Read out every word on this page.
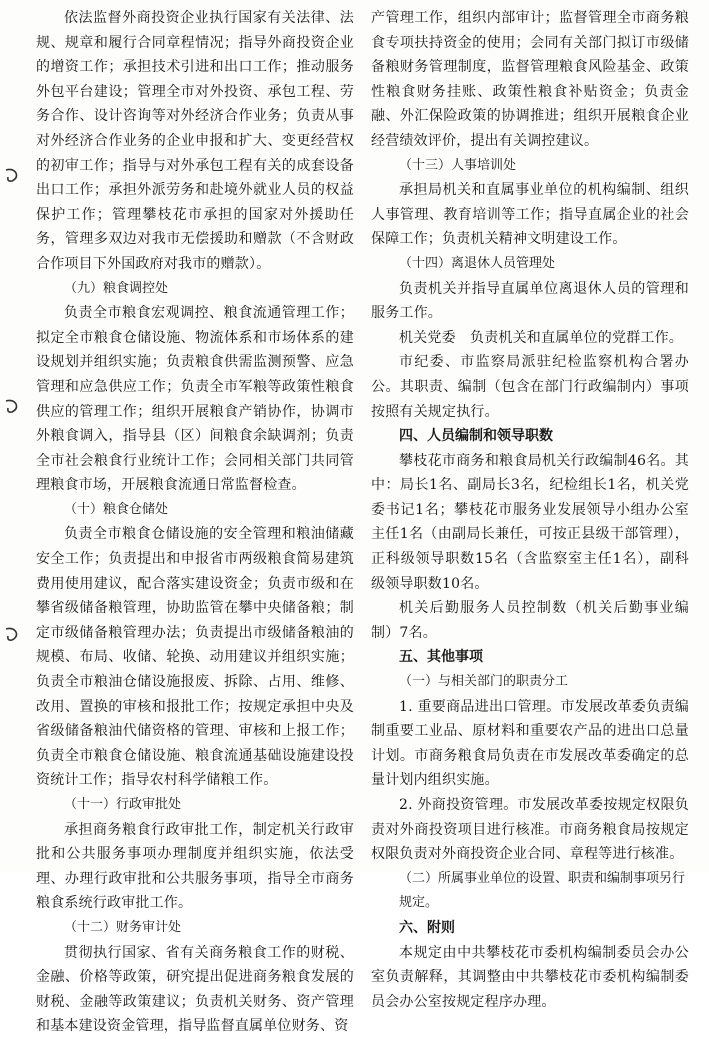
依法监督外商投资企业执行国家有关法律、法规、规章和履行合同章程情况；指导外商投资企业的增资工作；承担技术引进和出口工作；推动服务外包平台建设；管理全市对外投资、承包工程、劳务合作、设计咨询等对外经济合作业务；负责从事对外经济合作业务的企业申报和扩大、变更经营权的初审工作；指导与对外承包工程有关的成套设备出口工作；承担外派劳务和赴境外就业人员的权益保护工作；管理攀枝花市承担的国家对外援助任务，管理多双边对我市无偿援助和赠款（不含财政合作项目下外国政府对我市的赠款）。

（九）粮食调控处

负责全市粮食宏观调控、粮食流通管理工作；拟定全市粮食仓储设施、物流体系和市场体系的建设规划并组织实施；负责粮食供需监测预警、应急管理和应急供应工作；负责全市军粮等政策性粮食供应的管理工作；组织开展粮食产销协作，协调市外粮食调入，指导县（区）间粮食余缺调剂；负责全市社会粮食行业统计工作；会同相关部门共同管理粮食市场，开展粮食流通日常监督检查。

（十）粮食仓储处

负责全市粮食仓储设施的安全管理和粮油储藏安全工作；负责提出和申报省市两级粮食简易建筑费用使用建议，配合落实建设资金；负责市级和在攀省级储备粮管理，协助监管在攀中央储备粮；制定市级储备粮管理办法；负责提出市级储备粮油的规模、布局、收储、轮换、动用建议并组织实施；负责全市粮油仓储设施报废、拆除、占用、维修、改用、置换的审核和报批工作；按规定承担中央及省级储备粮油代储资格的管理、审核和上报工作；负责全市粮食仓储设施、粮食流通基础设施建设投资统计工作；指导农村科学储粮工作。

（十一）行政审批处

承担商务粮食行政审批工作，制定机关行政审批和公共服务事项办理制度并组织实施，依法受理、办理行政审批和公共服务事项，指导全市商务粮食系统行政审批工作。

（十二）财务审计处

贯彻执行国家、省有关商务粮食工作的财税、金融、价格等政策，研究提出促进商务粮食发展的财税、金融等政策建议；负责机关财务、资产管理和基本建设资金管理，指导监督直属单位财务、资

产管理工作，组织内部审计；监督管理全市商务粮食专项扶持资金的使用；会同有关部门拟订市级储备粮财务管理制度，监督管理粮食风险基金、政策性粮食财务挂账、政策性粮食补贴资金；负责金融、外汇保险政策的协调推进；组织开展粮食企业经营绩效评价，提出有关调控建议。

（十三）人事培训处

承担局机关和直属事业单位的机构编制、组织人事管理、教育培训等工作；指导直属企业的社会保障工作；负责机关精神文明建设工作。

（十四）离退休人员管理处

负责机关并指导直属单位离退休人员的管理和服务工作。

机关党委　负责机关和直属单位的党群工作。

市纪委、市监察局派驻纪检监察机构合署办公。其职责、编制（包含在部门行政编制内）事项按照有关规定执行。

四、人员编制和领导职数

攀枝花市商务和粮食局机关行政编制46名。其中：局长1名、副局长3名，纪检组长1名，机关党委书记1名；攀枝花市服务业发展领导小组办公室主任1名（由副局长兼任，可按正县级干部管理），正科级领导职数15名（含监察室主任1名），副科级领导职数10名。

机关后勤服务人员控制数（机关后勤事业编制）7名。

五、其他事项

（一）与相关部门的职责分工

1. 重要商品进出口管理。市发展改革委负责编制重要工业品、原材料和重要农产品的进出口总量计划。市商务粮食局负责在市发展改革委确定的总量计划内组织实施。

2. 外商投资管理。市发展改革委按规定权限负责对外商投资项目进行核准。市商务粮食局按规定权限负责对外商投资企业合同、章程等进行核准。

（二）所属事业单位的设置、职责和编制事项另行规定。

六、附则

本规定由中共攀枝花市委机构编制委员会办公室负责解释，其调整由中共攀枝花市委机构编制委员会办公室按规定程序办理。
